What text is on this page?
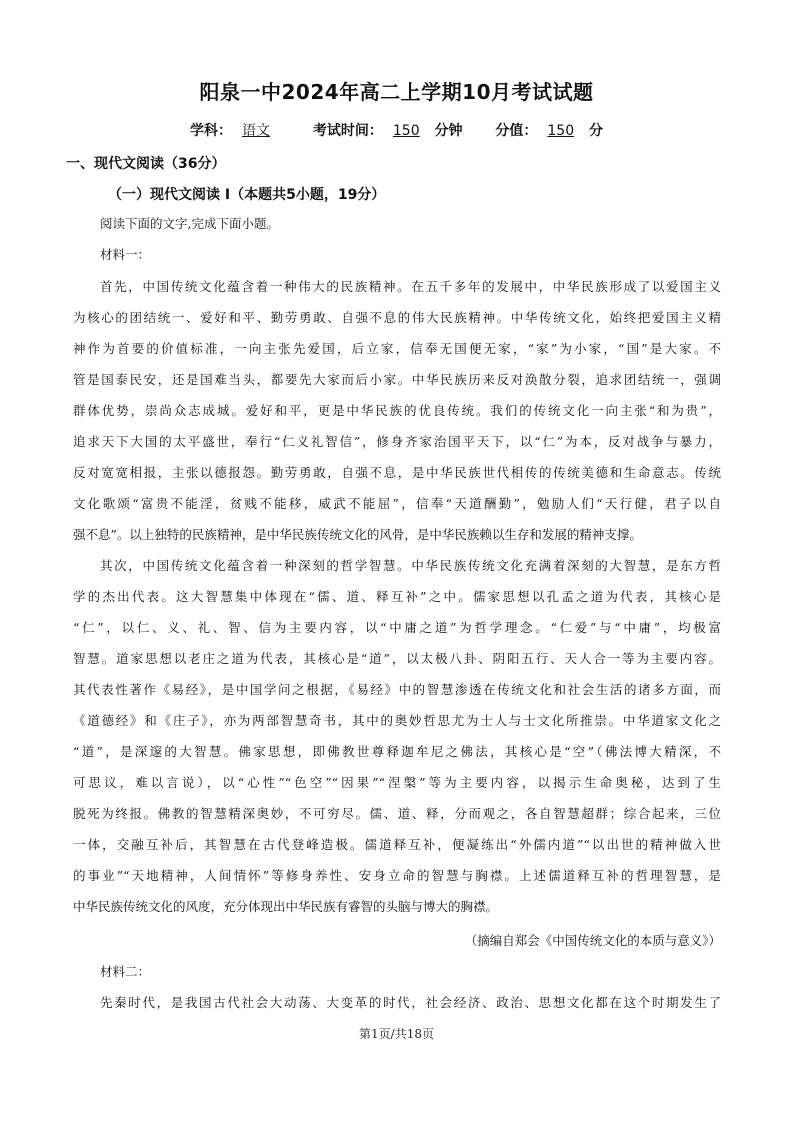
阳泉一中2024年高二上学期10月考试试题
学科： 语文	考试时间： 150 分钟 分值： 150 分
一、现代文阅读（36分）
（一）现代文阅读 I（本题共5小题，19分）
阅读下面的文字,完成下面小题。
材料一：
首先，中国传统文化蕴含着一种伟大的民族精神。在五千多年的发展中，中华民族形成了以爱国主义
为核心的团结统一、爱好和平、勤劳勇敢、自强不息的伟大民族精神。中华传统文化，始终把爱国主义精
神作为首要的价值标准，一向主张先爱国，后立家，信奉无国便无家，“家”为小家，“国”是大家。不
管是国泰民安，还是国难当头，都要先大家而后小家。中华民族历来反对涣散分裂，追求团结统一，强调
群体优势，崇尚众志成城。爱好和平，更是中华民族的优良传统。我们的传统文化一向主张“和为贵”，
追求天下大国的太平盛世，奉行“仁义礼智信”，修身齐家治国平天下，以“仁”为本，反对战争与暴力，
反对宽宽相报，主张以德报怨。勤劳勇敢，自强不息，是中华民族世代相传的传统美德和生命意志。传统
文化歌颂“富贵不能淫，贫贱不能移，威武不能屈”，信奉“天道酬勤”，勉励人们“天行健，君子以自
强不息”。以上独特的民族精神，是中华民族传统文化的风骨，是中华民族赖以生存和发展的精神支撑。
其次，中国传统文化蕴含着一种深刻的哲学智慧。中华民族传统文化充满着深刻的大智慧，是东方哲
学的杰出代表。这大智慧集中体现在“儒、道、释互补”之中。儒家思想以孔孟之道为代表，其核心是
“仁”，以仁、义、礼、智、信为主要内容，以“中庸之道”为哲学理念。“仁爱”与“中庸”，均极富
智慧。道家思想以老庄之道为代表，其核心是“道”，以太极八卦、阴阳五行、天人合一等为主要内容。
其代表性著作《易经》，是中国学问之根据，《易经》中的智慧渗透在传统文化和社会生活的诸多方面，而
《道德经》和《庄子》，亦为两部智慧奇书，其中的奥妙哲思尤为士人与士文化所推崇。中华道家文化之
“道”，是深邃的大智慧。佛家思想，即佛教世尊释迦牟尼之佛法，其核心是“空”（佛法博大精深，不
可思议，难以言说），以“心性”“色空”“因果”“涅槃”等为主要内容，以揭示生命奥秘，达到了生
脱死为终报。佛教的智慧精深奥妙，不可穷尽。儒、道、释，分而观之，各自智慧超群；综合起来，三位
一体，交融互补后，其智慧在古代登峰造极。儒道释互补，便凝练出“外儒内道”“以出世的精神做入世
的事业”“天地精神，人间情怀”等修身养性、安身立命的智慧与胸襟。上述儒道释互补的哲理智慧，是
中华民族传统文化的风度，充分体现出中华民族有睿智的头脑与博大的胸襟。
（摘编自郑会《中国传统文化的本质与意义》）
材料二：
先秦时代，是我国古代社会大动荡、大变革的时代，社会经济、政治、思想文化都在这个时期发生了
第1页/共18页
